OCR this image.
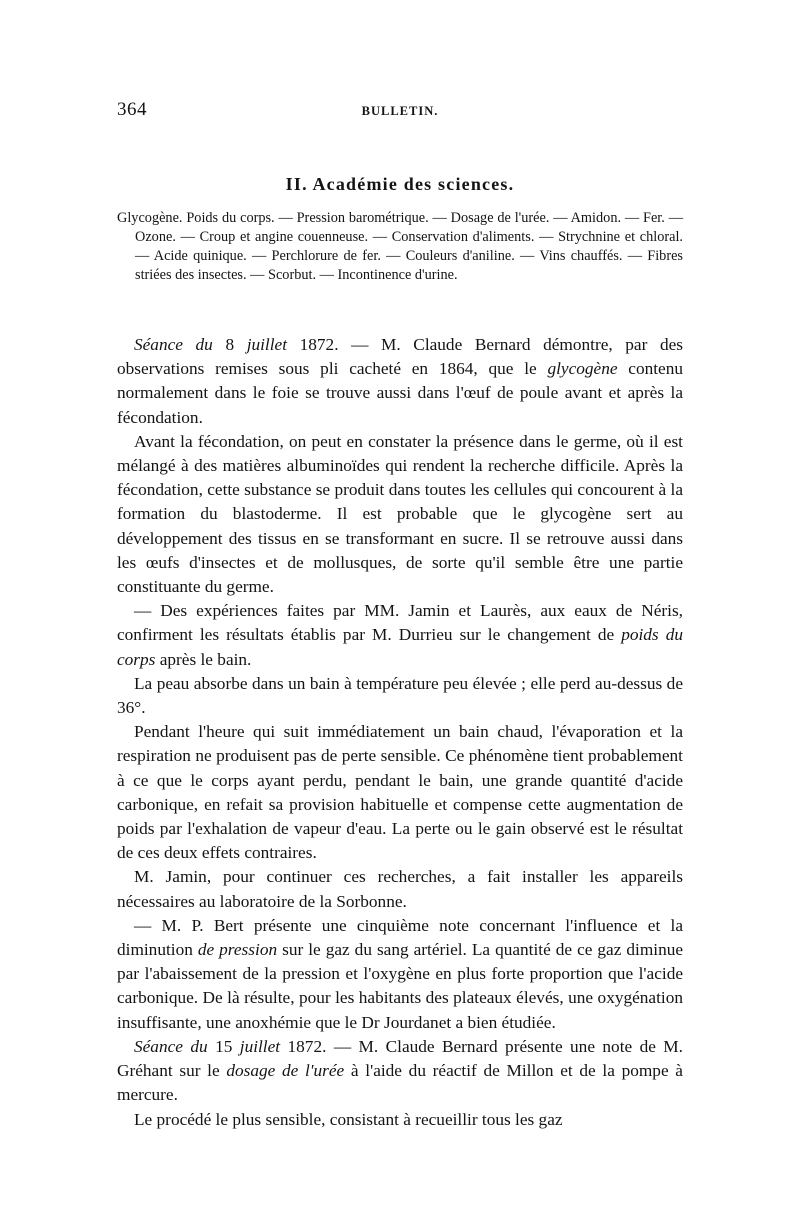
364	BULLETIN.
II. Académie des sciences.
Glycogène. Poids du corps. — Pression barométrique. — Dosage de l'urée. — Amidon. — Fer. — Ozone. — Croup et angine couenneuse. — Conservation d'aliments. — Strychnine et chloral. — Acide quinique. — Perchlorure de fer. — Couleurs d'aniline. — Vins chauffés. — Fibres striées des insectes. — Scorbut. — Incontinence d'urine.

Séance du 8 juillet 1872. — M. Claude Bernard démontre, par des observations remises sous pli cacheté en 1864, que le glycogène contenu normalement dans le foie se trouve aussi dans l'œuf de poule avant et après la fécondation.

Avant la fécondation, on peut en constater la présence dans le germe, où il est mélangé à des matières albuminoïdes qui rendent la recherche difficile. Après la fécondation, cette substance se produit dans toutes les cellules qui concourent à la formation du blastoderme. Il est probable que le glycogène sert au développement des tissus en se transformant en sucre. Il se retrouve aussi dans les œufs d'insectes et de mollusques, de sorte qu'il semble être une partie constituante du germe.

— Des expériences faites par MM. Jamin et Laurès, aux eaux de Néris, confirment les résultats établis par M. Durrieu sur le changement de poids du corps après le bain.

La peau absorbe dans un bain à température peu élevée ; elle perd au-dessus de 36°.

Pendant l'heure qui suit immédiatement un bain chaud, l'évaporation et la respiration ne produisent pas de perte sensible. Ce phénomène tient probablement à ce que le corps ayant perdu, pendant le bain, une grande quantité d'acide carbonique, en refait sa provision habituelle et compense cette augmentation de poids par l'exhalation de vapeur d'eau. La perte ou le gain observé est le résultat de ces deux effets contraires.

M. Jamin, pour continuer ces recherches, a fait installer les appareils nécessaires au laboratoire de la Sorbonne.

— M. P. Bert présente une cinquième note concernant l'influence et la diminution de pression sur le gaz du sang artériel. La quantité de ce gaz diminue par l'abaissement de la pression et l'oxygène en plus forte proportion que l'acide carbonique. De là résulte, pour les habitants des plateaux élevés, une oxygénation insuffisante, une anoxhémie que le Dr Jourdanet a bien étudiée.

Séance du 15 juillet 1872. — M. Claude Bernard présente une note de M. Gréhant sur le dosage de l'urée à l'aide du réactif de Millon et de la pompe à mercure.

Le procédé le plus sensible, consistant à recueillir tous les gaz
